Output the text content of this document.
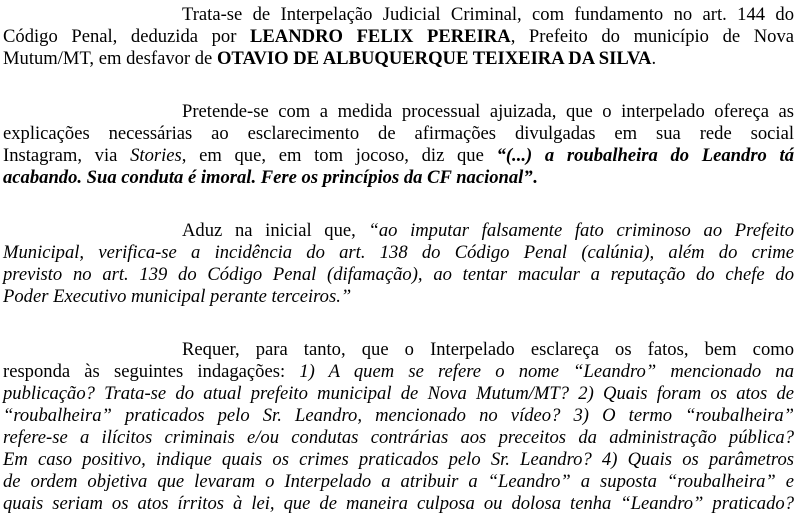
Trata-se de Interpelação Judicial Criminal, com fundamento no art. 144 do
Código Penal, deduzida por LEANDRO FELIX PEREIRA, Prefeito do município de Nova
Mutum/MT, em desfavor de OTAVIO DE ALBUQUERQUE TEIXEIRA DA SILVA.
Pretende-se com a medida processual ajuizada, que o interpelado ofereça as
explicações necessárias ao esclarecimento de afirmações divulgadas em sua rede social
Instagram, via Stories, em que, em tom jocoso, diz que “(...) a roubalheira do Leandro tá
acabando. Sua conduta é imoral. Fere os princípios da CF nacional”.
Aduz na inicial que, “ao imputar falsamente fato criminoso ao Prefeito
Municipal, verifica-se a incidência do art. 138 do Código Penal (calúnia), além do crime
previsto no art. 139 do Código Penal (difamação), ao tentar macular a reputação do chefe do
Poder Executivo municipal perante terceiros.”
Requer, para tanto, que o Interpelado esclareça os fatos, bem como
responda às seguintes indagações: 1) A quem se refere o nome “Leandro” mencionado na
publicação? Trata-se do atual prefeito municipal de Nova Mutum/MT? 2) Quais foram os atos de
“roubalheira” praticados pelo Sr. Leandro, mencionado no vídeo? 3) O termo “roubalheira”
refere-se a ilícitos criminais e/ou condutas contrárias aos preceitos da administração pública?
Em caso positivo, indique quais os crimes praticados pelo Sr. Leandro? 4) Quais os parâmetros
de ordem objetiva que levaram o Interpelado a atribuir a “Leandro” a suposta “roubalheira” e
quais seriam os atos írritos à lei, que de maneira culposa ou dolosa tenha “Leandro” praticado?
